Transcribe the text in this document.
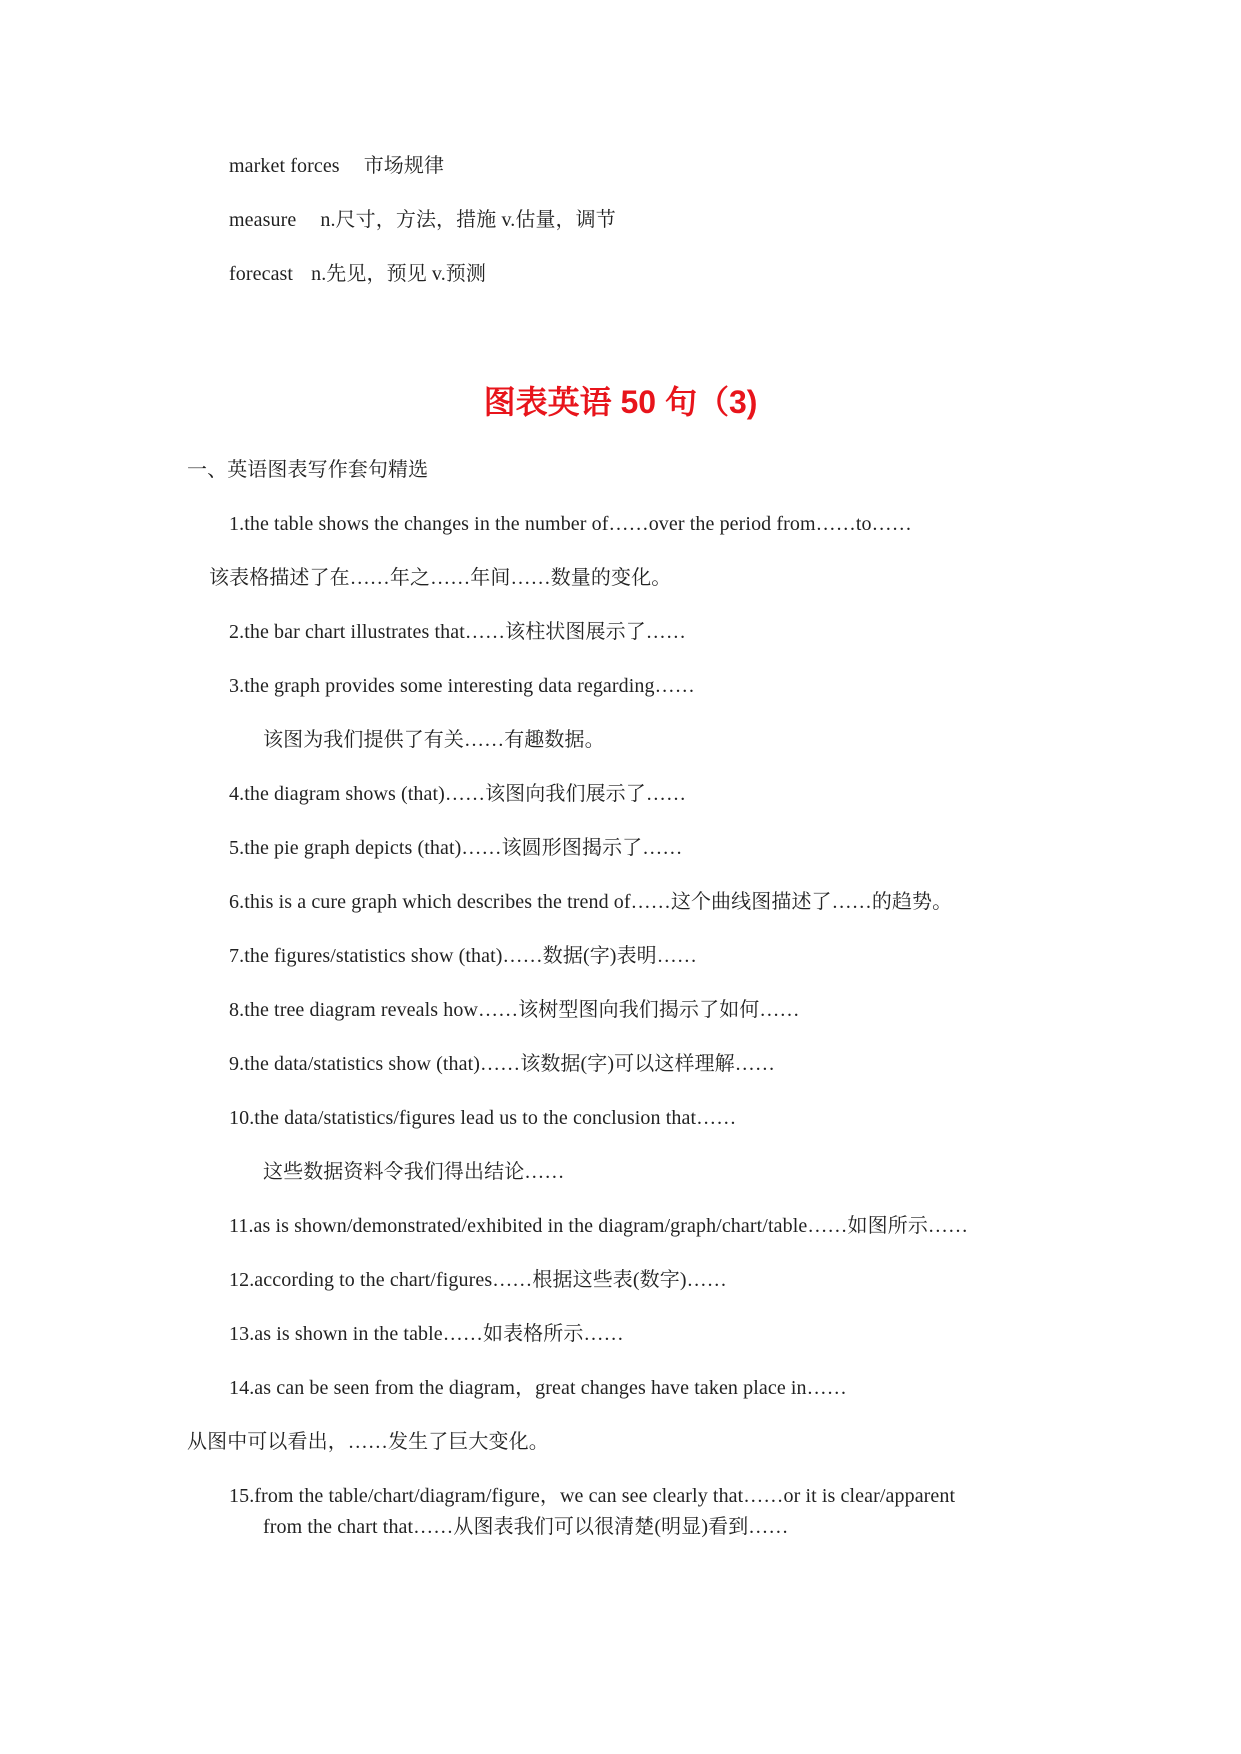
market forces 市场规律
measure n.尺寸，方法，措施 v.估量，调节
forecast n.先见，预见 v.预测
图表英语 50 句（3)
一、英语图表写作套句精选
1.the table shows the changes in the number of……over the period from……to……
该表格描述了在……年之……年间……数量的变化。
2.the bar chart illustrates that……该柱状图展示了……
3.the graph provides some interesting data regarding……
该图为我们提供了有关……有趣数据。
4.the diagram shows (that)……该图向我们展示了……
5.the pie graph depicts (that)……该圆形图揭示了……
6.this is a cure graph which describes the trend of……这个曲线图描述了……的趋势。
7.the figures/statistics show (that)……数据(字)表明……
8.the tree diagram reveals how……该树型图向我们揭示了如何……
9.the data/statistics show (that)……该数据(字)可以这样理解……
10.the data/statistics/figures lead us to the conclusion that……
这些数据资料令我们得出结论……
11.as is shown/demonstrated/exhibited in the diagram/graph/chart/table……如图所示……
12.according to the chart/figures……根据这些表(数字)……
13.as is shown in the table……如表格所示……
14.as can be seen from the diagram，great changes have taken place in……
从图中可以看出，……发生了巨大变化。
15.from the table/chart/diagram/figure，we can see clearly that……or it is clear/apparent
from the chart that……从图表我们可以很清楚(明显)看到……
